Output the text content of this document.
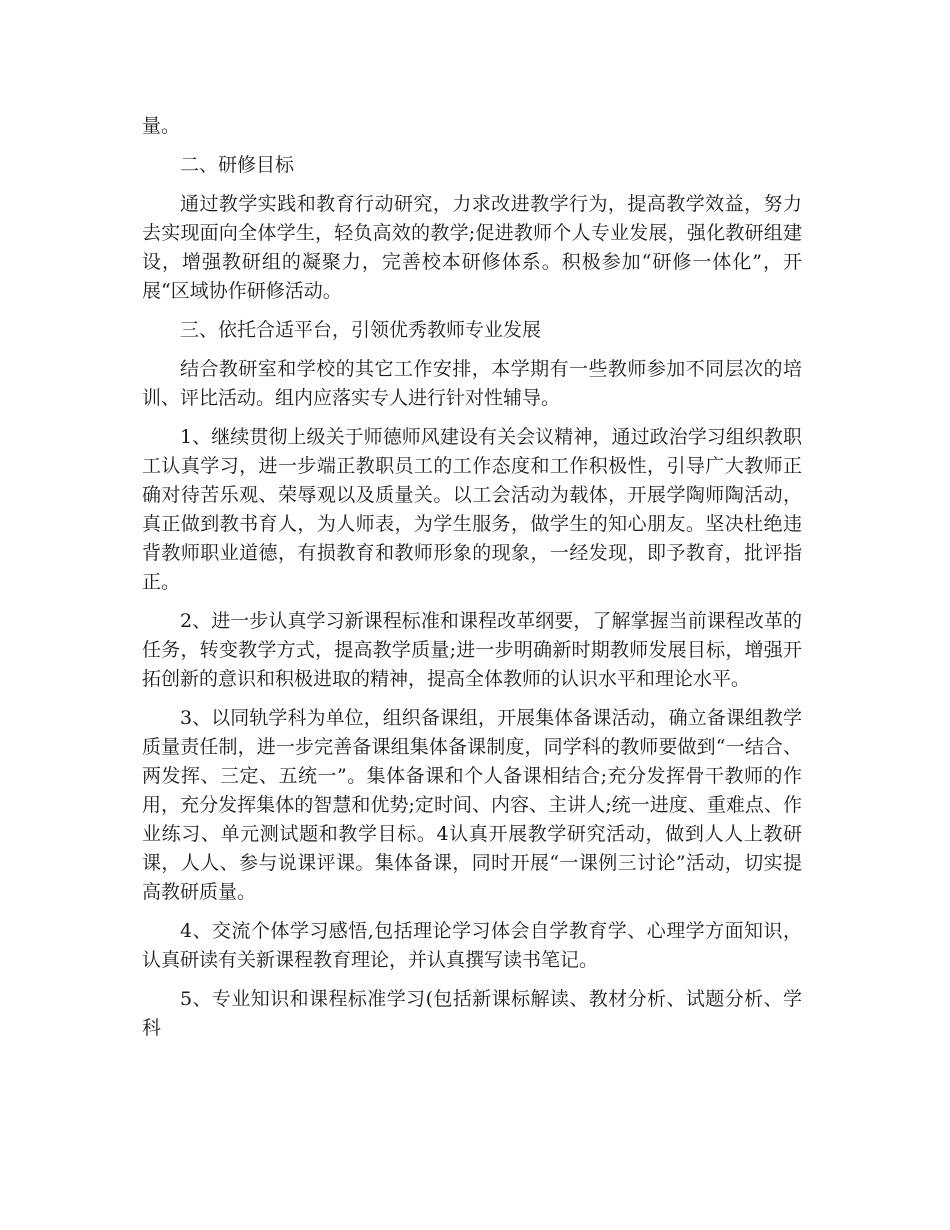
量。

二、研修目标

通过教学实践和教育行动研究，力求改进教学行为，提高教学效益，努力去实现面向全体学生，轻负高效的教学;促进教师个人专业发展，强化教研组建设，增强教研组的凝聚力，完善校本研修体系。积极参加“研修一体化”，开展“区域协作研修活动。

三、依托合适平台，引领优秀教师专业发展

结合教研室和学校的其它工作安排，本学期有一些教师参加不同层次的培训、评比活动。组内应落实专人进行针对性辅导。

1、继续贯彻上级关于师德师风建设有关会议精神，通过政治学习组织教职工认真学习，进一步端正教职员工的工作态度和工作积极性，引导广大教师正确对待苦乐观、荣辱观以及质量关。以工会活动为载体，开展学陶师陶活动，真正做到教书育人，为人师表，为学生服务，做学生的知心朋友。坚决杜绝违背教师职业道德，有损教育和教师形象的现象，一经发现，即予教育，批评指正。

2、进一步认真学习新课程标准和课程改革纲要，了解掌握当前课程改革的任务，转变教学方式，提高教学质量;进一步明确新时期教师发展目标，增强开拓创新的意识和积极进取的精神，提高全体教师的认识水平和理论水平。

3、以同轨学科为单位，组织备课组，开展集体备课活动，确立备课组教学质量责任制，进一步完善备课组集体备课制度，同学科的教师要做到“一结合、两发挥、三定、五统一”。集体备课和个人备课相结合;充分发挥骨干教师的作用，充分发挥集体的智慧和优势;定时间、内容、主讲人;统一进度、重难点、作业练习、单元测试题和教学目标。4认真开展教学研究活动，做到人人上教研课，人人、参与说课评课。集体备课，同时开展“一课例三讨论”活动，切实提高教研质量。

4、交流个体学习感悟,包括理论学习体会自学教育学、心理学方面知识，认真研读有关新课程教育理论，并认真撰写读书笔记。

5、专业知识和课程标准学习(包括新课标解读、教材分析、试题分析、学科
